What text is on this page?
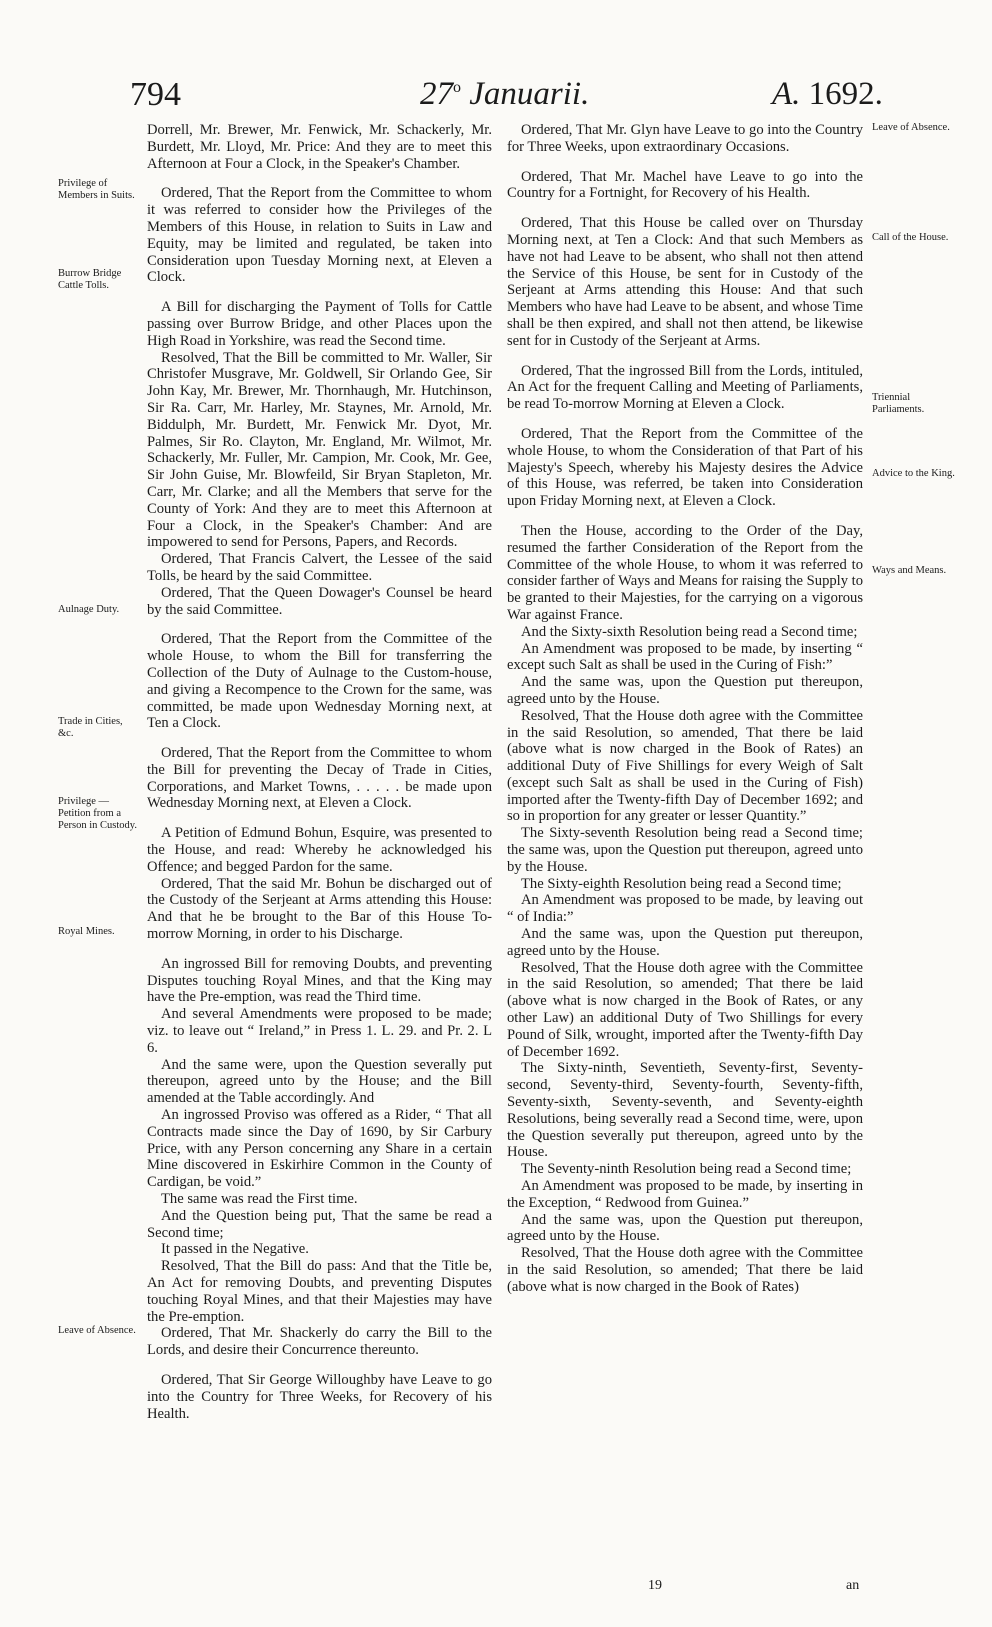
794	27$^o$ Januarii.	A. 1692.
Privilege of Members in Suits.
Burrow Bridge Cattle Tolls.
Aulnage Duty.
Trade in Cities, &c.
Privilege — Petition from a Person in Custody.
Royal Mines.
Leave of Absence.
Leave of Absence.
Call of the House.
Triennial Parliaments.
Advice to the King.
Ways and Means.

Dorrell, Mr. Brewer, Mr. Fenwick, Mr. Schackerly, Mr. Burdett, Mr. Lloyd, Mr. Price: And they are to meet this Afternoon at Four a Clock, in the Speaker's Chamber.

Ordered, That the Report from the Committee to whom it was referred to consider how the Privileges of the Members of this House, in relation to Suits in Law and Equity, may be limited and regulated, be taken into Consideration upon Tuesday Morning next, at Eleven a Clock.

A Bill for discharging the Payment of Tolls for Cattle passing over Burrow Bridge, and other Places upon the High Road in Yorkshire, was read the Second time.

Resolved, That the Bill be committed to Mr. Waller, Sir Christofer Musgrave, Mr. Goldwell, Sir Orlando Gee, Sir John Kay, Mr. Brewer, Mr. Thornhaugh, Mr. Hutchinson, Sir Ra. Carr, Mr. Harley, Mr. Staynes, Mr. Arnold, Mr. Biddulph, Mr. Burdett, Mr. Fenwick Mr. Dyot, Mr. Palmes, Sir Ro. Clayton, Mr. England, Mr. Wilmot, Mr. Schackerly, Mr. Fuller, Mr. Campion, Mr. Cook, Mr. Gee, Sir John Guise, Mr. Blowfeild, Sir Bryan Stapleton, Mr. Carr, Mr. Clarke; and all the Members that serve for the County of York: And they are to meet this Afternoon at Four a Clock, in the Speaker's Chamber: And are impowered to send for Persons, Papers, and Records.

Ordered, That Francis Calvert, the Lessee of the said Tolls, be heard by the said Committee.

Ordered, That the Queen Dowager's Counsel be heard by the said Committee.

Ordered, That the Report from the Committee of the whole House, to whom the Bill for transferring the Collection of the Duty of Aulnage to the Custom-house, and giving a Recompence to the Crown for the same, was committed, be made upon Wednesday Morning next, at Ten a Clock.

Ordered, That the Report from the Committee to whom the Bill for preventing the Decay of Trade in Cities, Corporations, and Market Towns, . . . . . be made upon Wednesday Morning next, at Eleven a Clock.

A Petition of Edmund Bohun, Esquire, was presented to the House, and read: Whereby he acknowledged his Offence; and begged Pardon for the same.

Ordered, That the said Mr. Bohun be discharged out of the Custody of the Serjeant at Arms attending this House: And that he be brought to the Bar of this House To-morrow Morning, in order to his Discharge.

An ingrossed Bill for removing Doubts, and preventing Disputes touching Royal Mines, and that the King may have the Pre-emption, was read the Third time.

And several Amendments were proposed to be made; viz. to leave out “ Ireland,” in Press 1. L. 29. and Pr. 2. L 6.

And the same were, upon the Question severally put thereupon, agreed unto by the House; and the Bill amended at the Table accordingly. And

An ingrossed Proviso was offered as a Rider, “ That all Contracts made since the Day of 1690, by Sir Carbury Price, with any Person concerning any Share in a certain Mine discovered in Eskirhire Common in the County of Cardigan, be void.”

The same was read the First time.

And the Question being put, That the same be read a Second time;

It passed in the Negative.

Resolved, That the Bill do pass: And that the Title be, An Act for removing Doubts, and preventing Disputes touching Royal Mines, and that their Majesties may have the Pre-emption.

Ordered, That Mr. Shackerly do carry the Bill to the Lords, and desire their Concurrence thereunto.

Ordered, That Sir George Willoughby have Leave to go into the Country for Three Weeks, for Recovery of his Health.

Ordered, That Mr. Glyn have Leave to go into the Country for Three Weeks, upon extraordinary Occasions.

Ordered, That Mr. Machel have Leave to go into the Country for a Fortnight, for Recovery of his Health.

Ordered, That this House be called over on Thursday Morning next, at Ten a Clock: And that such Members as have not had Leave to be absent, who shall not then attend the Service of this House, be sent for in Custody of the Serjeant at Arms attending this House: And that such Members who have had Leave to be absent, and whose Time shall be then expired, and shall not then attend, be likewise sent for in Custody of the Serjeant at Arms.

Ordered, That the ingrossed Bill from the Lords, intituled, An Act for the frequent Calling and Meeting of Parliaments, be read To-morrow Morning at Eleven a Clock.

Ordered, That the Report from the Committee of the whole House, to whom the Consideration of that Part of his Majesty's Speech, whereby his Majesty desires the Advice of this House, was referred, be taken into Consideration upon Friday Morning next, at Eleven a Clock.

Then the House, according to the Order of the Day, resumed the farther Consideration of the Report from the Committee of the whole House, to whom it was referred to consider farther of Ways and Means for raising the Supply to be granted to their Majesties, for the carrying on a vigorous War against France.

And the Sixty-sixth Resolution being read a Second time;

An Amendment was proposed to be made, by inserting “ except such Salt as shall be used in the Curing of Fish:”

And the same was, upon the Question put thereupon, agreed unto by the House.

Resolved, That the House doth agree with the Committee in the said Resolution, so amended, That there be laid (above what is now charged in the Book of Rates) an additional Duty of Five Shillings for every Weigh of Salt (except such Salt as shall be used in the Curing of Fish) imported after the Twenty-fifth Day of December 1692; and so in proportion for any greater or lesser Quantity.”

The Sixty-seventh Resolution being read a Second time; the same was, upon the Question put thereupon, agreed unto by the House.

The Sixty-eighth Resolution being read a Second time;

An Amendment was proposed to be made, by leaving out “ of India:”

And the same was, upon the Question put thereupon, agreed unto by the House.

Resolved, That the House doth agree with the Committee in the said Resolution, so amended; That there be laid (above what is now charged in the Book of Rates, or any other Law) an additional Duty of Two Shillings for every Pound of Silk, wrought, imported after the Twenty-fifth Day of December 1692.

The Sixty-ninth, Seventieth, Seventy-first, Seventy-second, Seventy-third, Seventy-fourth, Seventy-fifth, Seventy-sixth, Seventy-seventh, and Seventy-eighth Resolutions, being severally read a Second time, were, upon the Question severally put thereupon, agreed unto by the House.

The Seventy-ninth Resolution being read a Second time;

An Amendment was proposed to be made, by inserting in the Exception, “ Redwood from Guinea.”

And the same was, upon the Question put thereupon, agreed unto by the House.

Resolved, That the House doth agree with the Committee in the said Resolution, so amended; That there be laid (above what is now charged in the Book of Rates)

19	an
